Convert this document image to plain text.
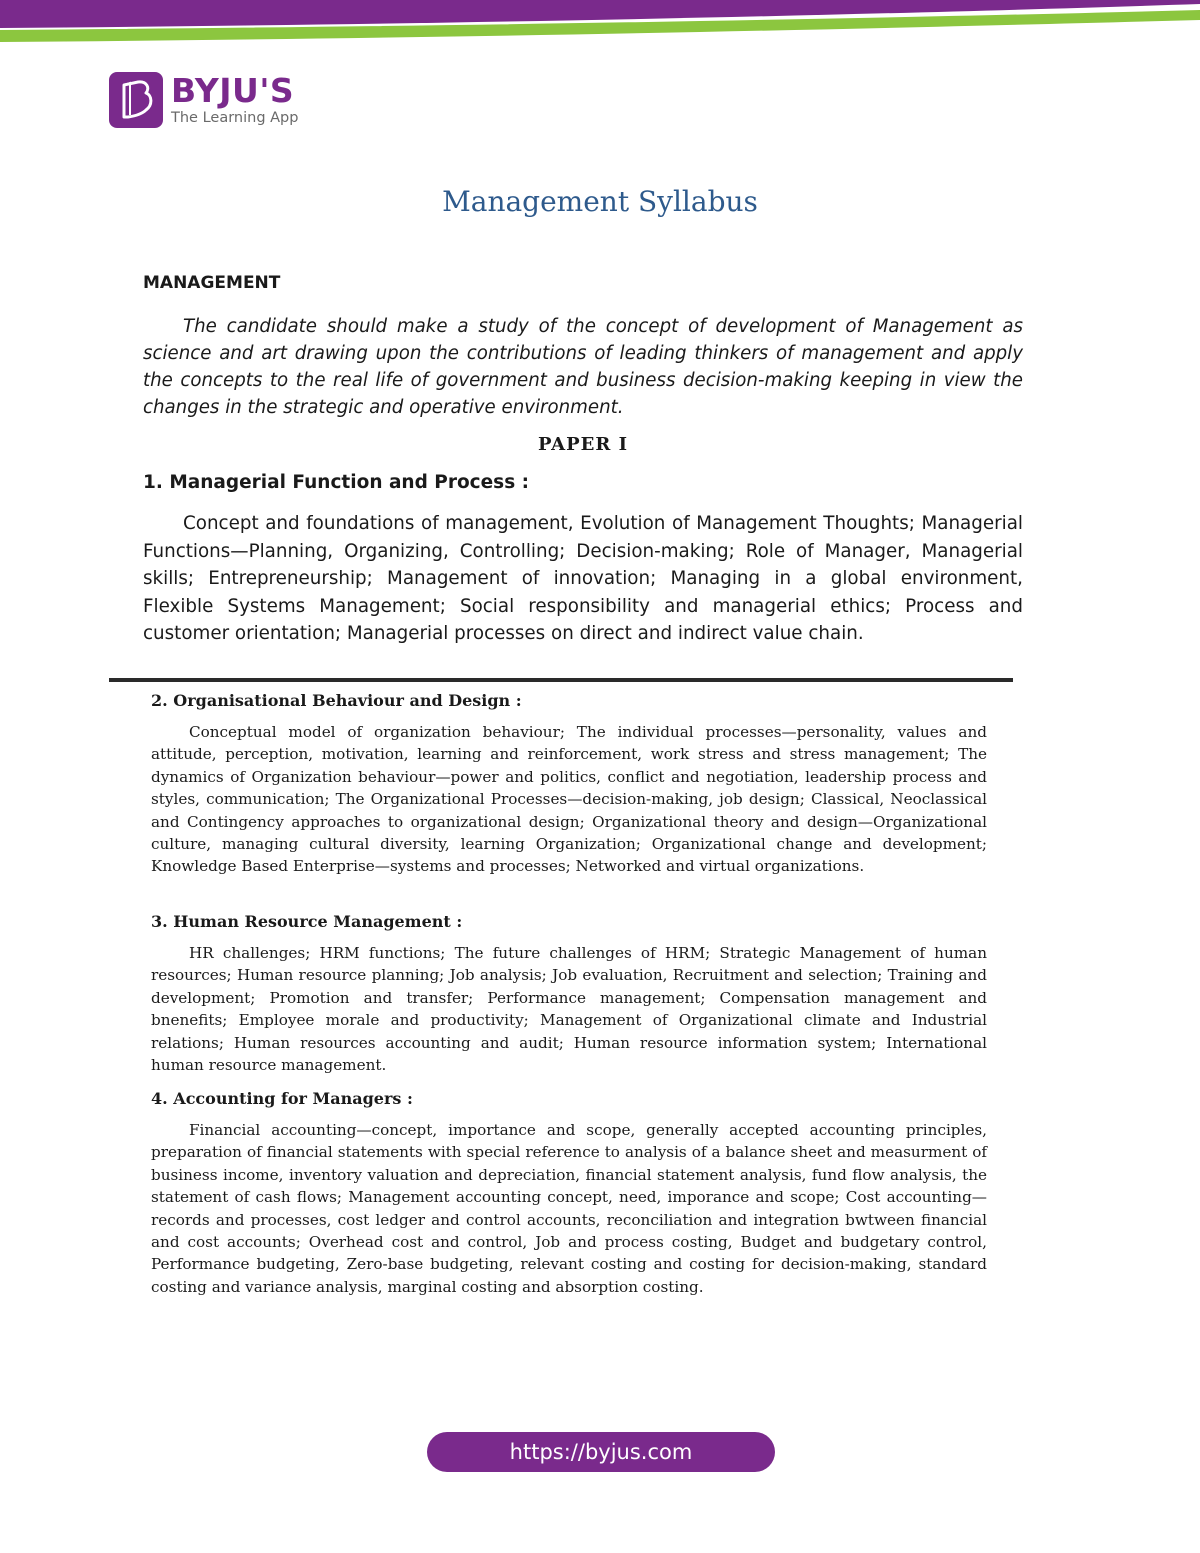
BYJU'S
The Learning App
Management Syllabus
MANAGEMENT
The candidate should make a study of the concept of development of Management as science and art drawing upon the contributions of leading thinkers of management and apply the concepts to the real life of government and business decision-making keeping in view the changes in the strategic and operative environment.
PAPER I
1. Managerial Function and Process :
Concept and foundations of management, Evolution of Management Thoughts; Managerial Functions—Planning, Organizing, Controlling; Decision-making; Role of Manager, Managerial skills; Entrepreneurship; Management of innovation; Managing in a global environment, Flexible Systems Management; Social responsibility and managerial ethics; Process and customer orientation; Managerial processes on direct and indirect value chain.
2. Organisational Behaviour and Design :
Conceptual model of organization behaviour; The individual processes—personality, values and attitude, perception, motivation, learning and reinforcement, work stress and stress management; The dynamics of Organization behaviour—power and politics, conflict and negotiation, leadership process and styles, communication; The Organizational Processes—decision-making, job design; Classical, Neoclassical and Contingency approaches to organizational design; Organizational theory and design—Organizational culture, managing cultural diversity, learning Organization; Organizational change and development; Knowledge Based Enterprise—systems and processes; Networked and virtual organizations.
3. Human Resource Management :
HR challenges; HRM functions; The future challenges of HRM; Strategic Management of human resources; Human resource planning; Job analysis; Job evaluation, Recruitment and selection; Training and development; Promotion and transfer; Performance management; Compensation management and bnenefits; Employee morale and productivity; Management of Organizational climate and Industrial relations; Human resources accounting and audit; Human resource information system; International human resource management.
4. Accounting for Managers :
Financial accounting—concept, importance and scope, generally accepted accounting principles, preparation of financial statements with special reference to analysis of a balance sheet and measurment of business income, inventory valuation and depreciation, financial statement analysis, fund flow analysis, the statement of cash flows; Management accounting concept, need, imporance and scope; Cost accounting—records and processes, cost ledger and control accounts, reconciliation and integration bwtween financial and cost accounts; Overhead cost and control, Job and process costing, Budget and budgetary control, Performance budgeting, Zero-base budgeting, relevant costing and costing for decision-making, standard costing and variance analysis, marginal costing and absorption costing.
https://byjus.com
